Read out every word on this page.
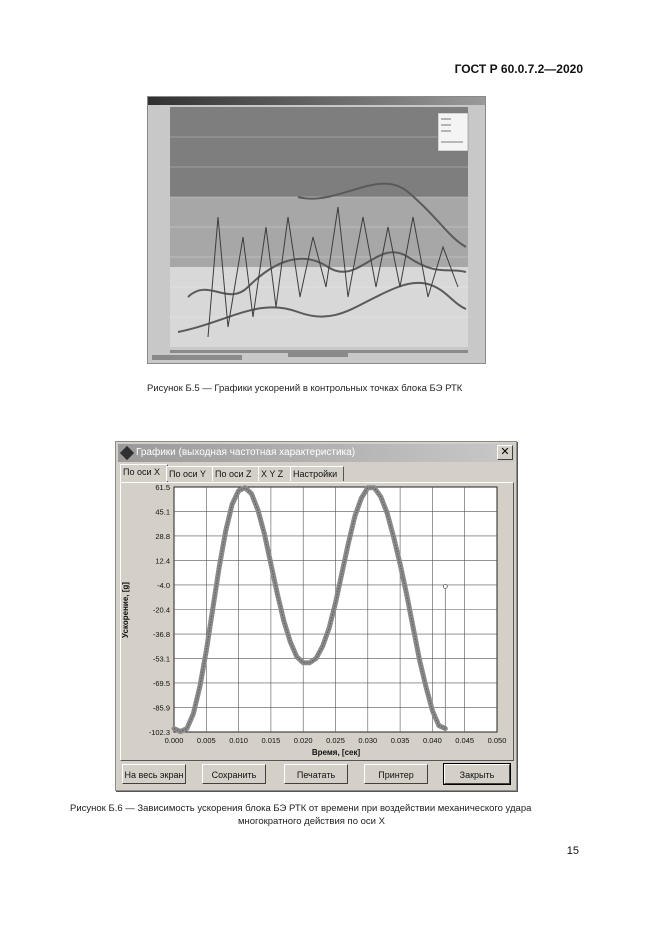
ГОСТ Р 60.0.7.2—2020
Рисунок Б.5 — Графики ускорений в контрольных точках блока БЭ РТК
Графики (выходная частотная характеристика)	✕
По оси X По оси Y По оси Z	X Y Z	Настройки
0.000 0.005 0.010 0.015 0.020 0.025 0.030 0.035 0.040 0.045 0.050
61.5
45.1
28.8
12.4
-4.0
-20.4
-36.8
-53.1
-69.5
-85.9
-102.3
Время, [сек]
Ускорение, [g]
На весь экран	Сохранить	Печатать	Принтер	Закрыть
Рисунок Б.6 — Зависимость ускорения блока БЭ РТК от времени при воздействии механического удара
многократного действия по оси X
15
